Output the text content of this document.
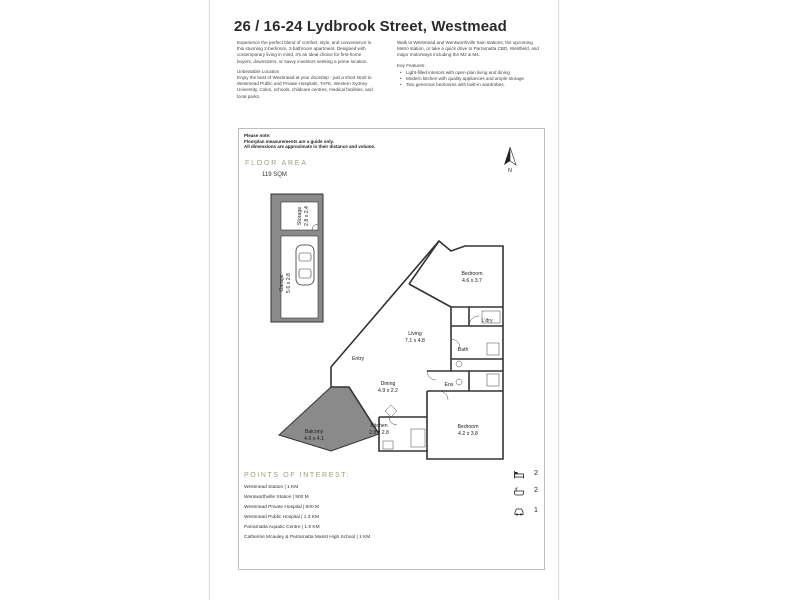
26 / 16-24 Lydbrook Street, Westmead

Experience the perfect blend of comfort, style, and convenience in this stunning 2-bedroom, 2-bathroom apartment. Designed with contemporary living in mind, it's an ideal choice for first-home buyers, downsizers, or savvy investors seeking a prime location.

Unbeatable Location

Enjoy the best of Westmead at your doorstep - just a short stroll to Westmead Public and Private Hospitals, TAFE, Western Sydney University, Coles, schools, childcare centres, medical facilities, and local parks.

Walk to Westmead and Wentworthville train stations, the upcoming Metro station, or take a quick drive to Parramatta CBD, Westfield, and major motorways including the M2 & M4.

Key Features:
• Light-filled interiors with open-plan living and dining
• Modern kitchen with quality appliances and ample storage
• Two generous bedrooms with built-in wardrobes.
Please note:
Floorplan measurements are a guide only.
All dimensions are approximate in their distance and volume.
FLOOR AREA
119 SQM
N
Storage 2.8 x 2.4
Garage 5.6 x 2.8	Bedroom
4.6 x 3.7
L'dry
Living
7.1 x 4.8
Entry
Bath
Ens
Dining
4.9 x 2.2
Balcony
4.6 x 4.1
Kitchen
2.8 x 2.8
Bedroom
4.2 x 3.8
POINTS OF INTEREST:
Westmead Station | 1 KM
Wentworthville Station | 900 M
Westmead Private Hospital | 600 M
Westmead Public Hospital | 1.3 KM
Parramatta Aquatic Centre | 1.9 KM
Catherine Mcauley & Parramatta Marist High School | 1 KM
2
2
1
